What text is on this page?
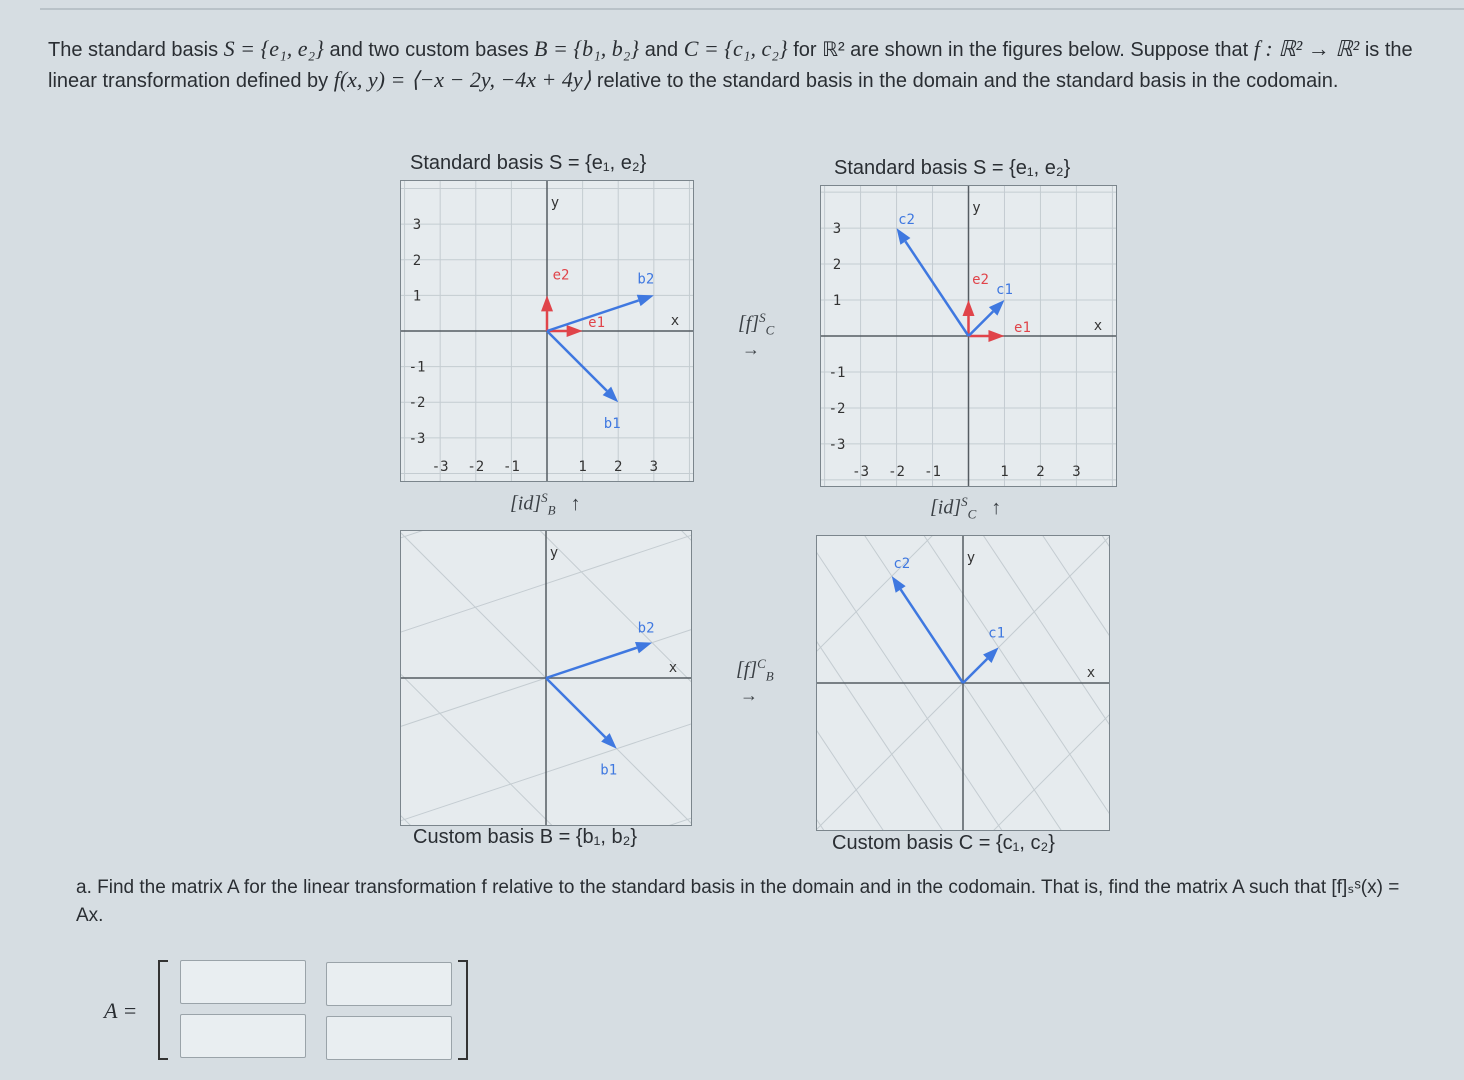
The standard basis S = {e₁, e₂} and two custom bases B = {b₁, b₂} and C = {c₁, c₂} for ℝ² are shown in the figures below. Suppose that f : ℝ² → ℝ² is the linear transformation defined by f(x, y) = ⟨−x − 2y, −4x + 4y⟩ relative to the standard basis in the domain and the standard basis in the codomain.
Standard basis S = {e₁, e₂}	Standard basis S = {e₁, e₂}
Custom basis B = {b₁, b₂}	Custom basis C = {c₁, c₂}
1
1
2
2
3
3
-1
-1
-2
-2
-3
-3
y
x
e1
e2
b1
b2
1
1
2
2
3
3
-1
-1
-2
-2
-3
-3
y
x
e1
e2
c1
c2
y
x
b1
b2
y
x
c1
c2
$[f]^S_C$
→
$[f]^C_B$
→
[id]$^S_B$ ↑	[id]$^S_C$ ↑
a. Find the matrix A for the linear transformation f relative to the standard basis in the domain and in the codomain. That is, find the matrix A such that [f]ₛˢ(x) = Ax.
A =
